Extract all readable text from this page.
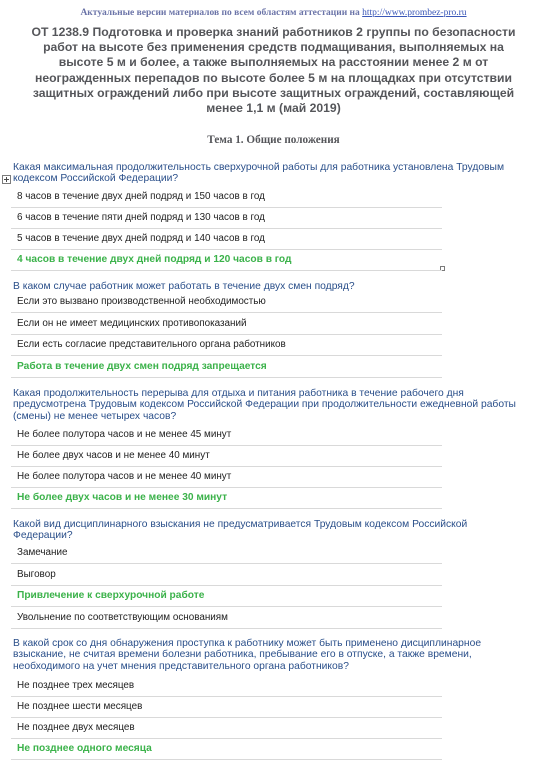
Актуальные версии материалов по всем областям аттестации на http://www.prombez-pro.ru
ОТ 1238.9 Подготовка и проверка знаний работников 2 группы по безопасности работ на высоте без применения средств подмащивания, выполняемых на высоте 5 м и более, а также выполняемых на расстоянии менее 2 м от неогражденных перепадов по высоте более 5 м на площадках при отсутствии защитных ограждений либо при высоте защитных ограждений, составляющей менее 1,1 м (май 2019)
Тема 1. Общие положения
Какая максимальная продолжительность сверхурочной работы для работника установлена Трудовым кодексом Российской Федерации?
8 часов в течение двух дней подряд и 150 часов в год
6 часов в течение пяти дней подряд и 130 часов в год
5 часов в течение двух дней подряд и 140 часов в год
4 часов в течение двух дней подряд и 120 часов в год
В каком случае работник может работать в течение двух смен подряд?
Если это вызвано производственной необходимостью
Если он не имеет медицинских противопоказаний
Если есть согласие представительного органа работников
Работа в течение двух смен подряд запрещается
Какая продолжительность перерыва для отдыха и питания работника в течение рабочего дня предусмотрена Трудовым кодексом Российской Федерации при продолжительности ежедневной работы (смены) не менее четырех часов?
Не более полутора часов и не менее 45 минут
Не более двух часов и не менее 40 минут
Не более полутора часов и не менее 40 минут
Не более двух часов и не менее 30 минут
Какой вид дисциплинарного взыскания не предусматривается Трудовым кодексом Российской Федерации?
Замечание
Выговор
Привлечение к сверхурочной работе
Увольнение по соответствующим основаниям
В какой срок со дня обнаружения проступка к работнику может быть применено дисциплинарное взыскание, не считая времени болезни работника, пребывание его в отпуске, а также времени, необходимого на учет мнения представительного органа работников?
Не позднее трех месяцев
Не позднее шести месяцев
Не позднее двух месяцев
Не позднее одного месяца
